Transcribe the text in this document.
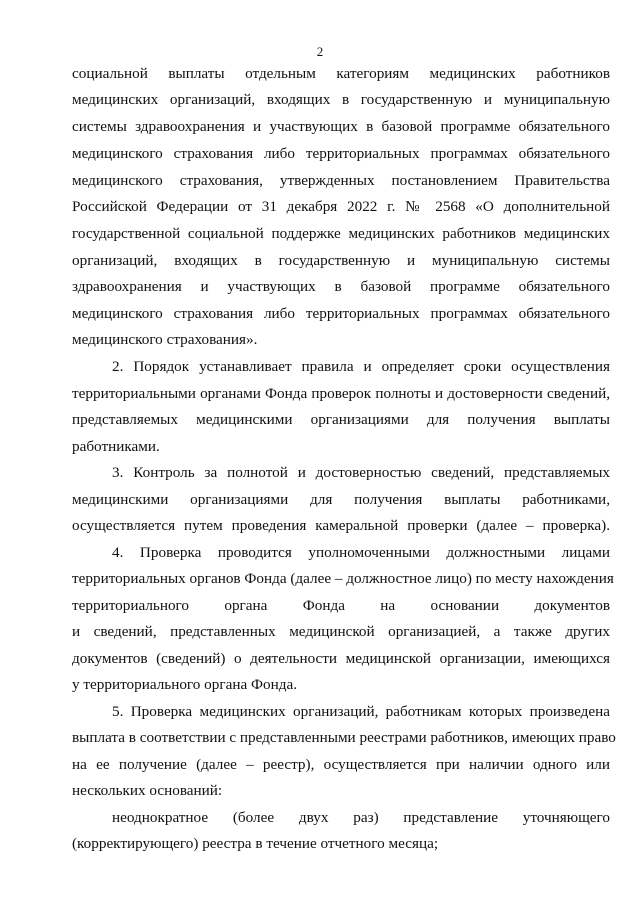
2
социальной выплаты отдельным категориям медицинских работников
медицинских организаций, входящих в государственную и муниципальную
системы здравоохранения и участвующих в базовой программе обязательного
медицинского страхования либо территориальных программах обязательного
медицинского страхования, утвержденных постановлением Правительства
Российской Федерации от 31 декабря 2022 г. № 2568 «О дополнительной
государственной социальной поддержке медицинских работников медицинских
организаций, входящих в государственную и муниципальную системы
здравоохранения и участвующих в базовой программе обязательного
медицинского страхования либо территориальных программах обязательного
медицинского страхования».
2. Порядок устанавливает правила и определяет сроки осуществления
территориальными органами Фонда проверок полноты и достоверности сведений,
представляемых медицинскими организациями для получения выплаты
работниками.
3. Контроль за полнотой и достоверностью сведений, представляемых
медицинскими организациями для получения выплаты работниками,
осуществляется путем проведения камеральной проверки (далее – проверка).
4. Проверка проводится уполномоченными должностными лицами
территориальных органов Фонда (далее – должностное лицо) по месту нахождения
территориального органа Фонда на основании документов
и сведений, представленных медицинской организацией, а также других
документов (сведений) о деятельности медицинской организации, имеющихся
у территориального органа Фонда.
5. Проверка медицинских организаций, работникам которых произведена
выплата в соответствии с представленными реестрами работников, имеющих право
на ее получение (далее – реестр), осуществляется при наличии одного или
нескольких оснований:
неоднократное (более двух раз) представление уточняющего
(корректирующего) реестра в течение отчетного месяца;
